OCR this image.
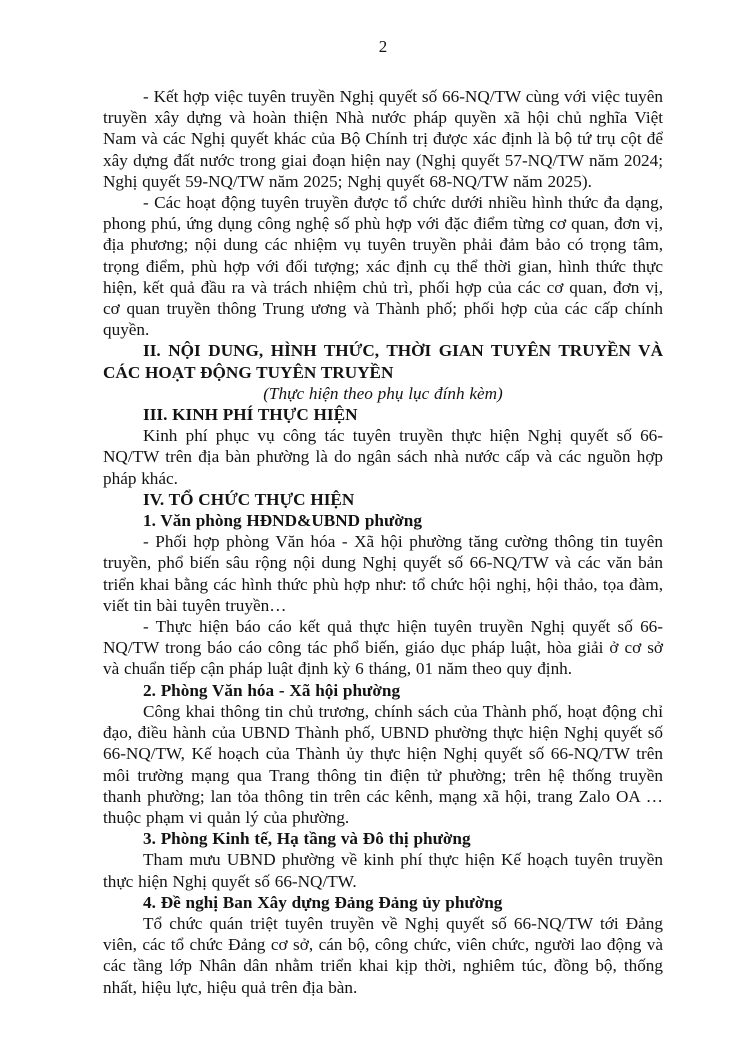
2

- Kết hợp việc tuyên truyền Nghị quyết số 66-NQ/TW cùng với việc tuyên truyền xây dựng và hoàn thiện Nhà nước pháp quyền xã hội chủ nghĩa Việt Nam và các Nghị quyết khác của Bộ Chính trị được xác định là bộ tứ trụ cột để xây dựng đất nước trong giai đoạn hiện nay (Nghị quyết 57-NQ/TW năm 2024; Nghị quyết 59-NQ/TW năm 2025; Nghị quyết 68-NQ/TW năm 2025).

- Các hoạt động tuyên truyền được tổ chức dưới nhiều hình thức đa dạng, phong phú, ứng dụng công nghệ số phù hợp với đặc điểm từng cơ quan, đơn vị, địa phương; nội dung các nhiệm vụ tuyên truyền phải đảm bảo có trọng tâm, trọng điểm, phù hợp với đối tượng; xác định cụ thể thời gian, hình thức thực hiện, kết quả đầu ra và trách nhiệm chủ trì, phối hợp của các cơ quan, đơn vị, cơ quan truyền thông Trung ương và Thành phố; phối hợp của các cấp chính quyền.

II. NỘI DUNG, HÌNH THỨC, THỜI GIAN TUYÊN TRUYỀN VÀ CÁC HOẠT ĐỘNG TUYÊN TRUYỀN

(Thực hiện theo phụ lục đính kèm)

III. KINH PHÍ THỰC HIỆN

Kinh phí phục vụ công tác tuyên truyền thực hiện Nghị quyết số 66-NQ/TW trên địa bàn phường là do ngân sách nhà nước cấp và các nguồn hợp pháp khác.

IV. TỔ CHỨC THỰC HIỆN

1. Văn phòng HĐND&UBND phường

- Phối hợp phòng Văn hóa - Xã hội phường tăng cường thông tin tuyên truyền, phổ biến sâu rộng nội dung Nghị quyết số 66-NQ/TW và các văn bản triển khai bằng các hình thức phù hợp như: tổ chức hội nghị, hội thảo, tọa đàm, viết tin bài tuyên truyền…

- Thực hiện báo cáo kết quả thực hiện tuyên truyền Nghị quyết số 66-NQ/TW trong báo cáo công tác phổ biến, giáo dục pháp luật, hòa giải ở cơ sở và chuẩn tiếp cận pháp luật định kỳ 6 tháng, 01 năm theo quy định.

2. Phòng Văn hóa - Xã hội phường

Công khai thông tin chủ trương, chính sách của Thành phố, hoạt động chỉ đạo, điều hành của UBND Thành phố, UBND phường thực hiện Nghị quyết số 66-NQ/TW, Kế hoạch của Thành ủy thực hiện Nghị quyết số 66-NQ/TW trên môi trường mạng qua Trang thông tin điện tử phường; trên hệ thống truyền thanh phường; lan tỏa thông tin trên các kênh, mạng xã hội, trang Zalo OA … thuộc phạm vi quản lý của phường.

3. Phòng Kinh tế, Hạ tầng và Đô thị phường

Tham mưu UBND phường về kinh phí thực hiện Kế hoạch tuyên truyền thực hiện Nghị quyết số 66-NQ/TW.

4. Đề nghị Ban Xây dựng Đảng Đảng ủy phường

Tổ chức quán triệt tuyên truyền về Nghị quyết số 66-NQ/TW tới Đảng viên, các tổ chức Đảng cơ sở, cán bộ, công chức, viên chức, người lao động và các tầng lớp Nhân dân nhằm triển khai kịp thời, nghiêm túc, đồng bộ, thống nhất, hiệu lực, hiệu quả trên địa bàn.
